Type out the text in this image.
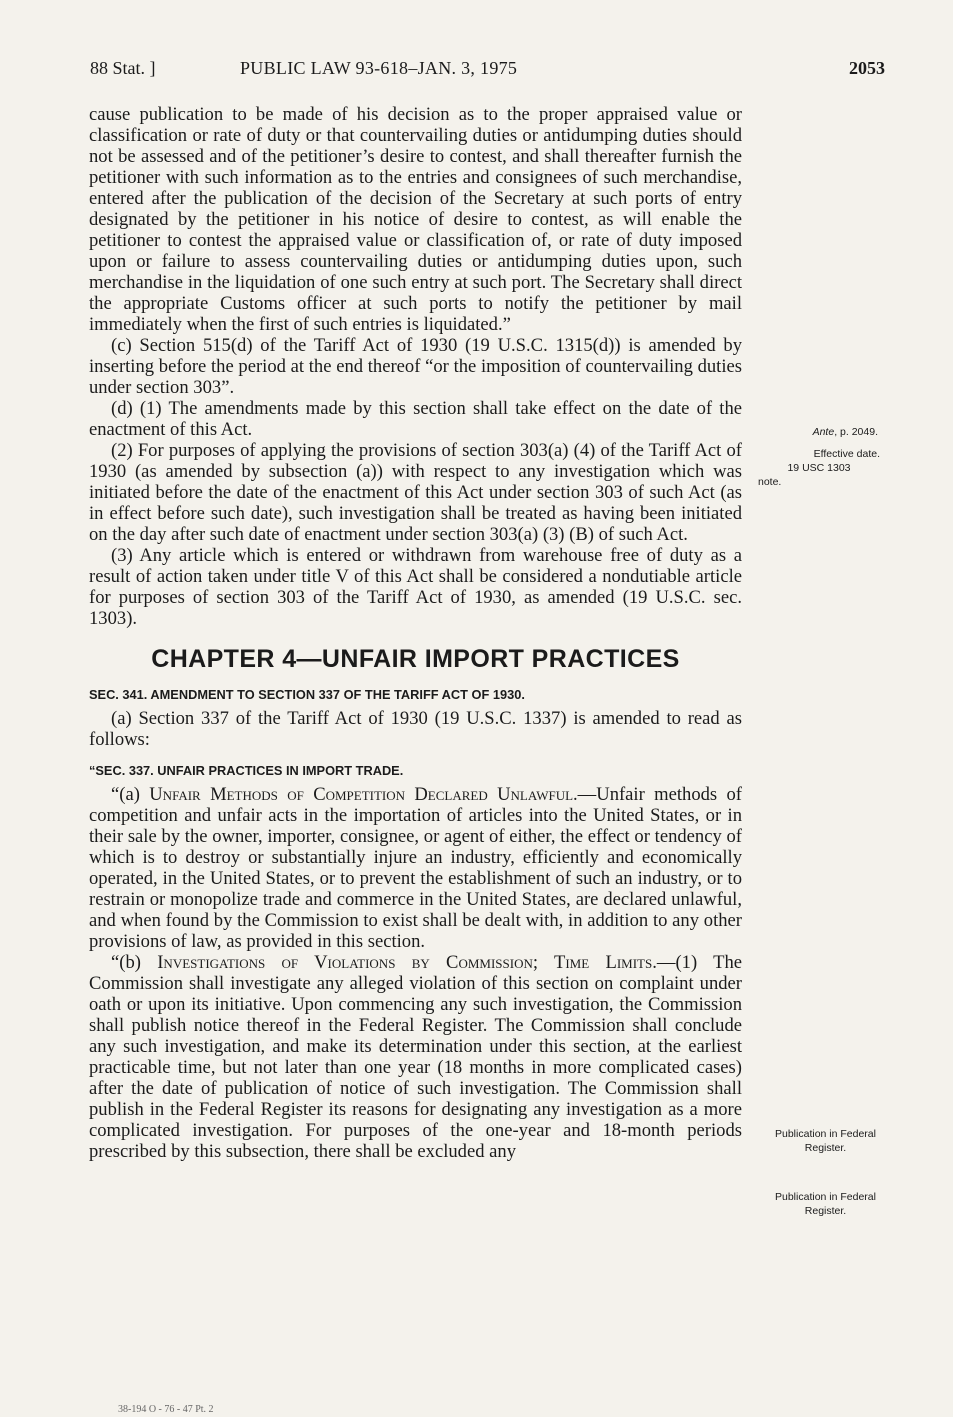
88 Stat. ]	PUBLIC LAW 93-618–JAN. 3, 1975	2053

cause publication to be made of his decision as to the proper appraised value or classification or rate of duty or that countervailing duties or antidumping duties should not be assessed and of the petitioner’s desire to contest, and shall thereafter furnish the petitioner with such information as to the entries and consignees of such merchandise, entered after the publication of the decision of the Secretary at such ports of entry designated by the petitioner in his notice of desire to contest, as will enable the petitioner to contest the appraised value or classification of, or rate of duty imposed upon or failure to assess countervailing duties or antidumping duties upon, such merchandise in the liquidation of one such entry at such port. The Secretary shall direct the appropriate Customs officer at such ports to notify the petitioner by mail immediately when the first of such entries is liquidated.”

(c) Section 515(d) of the Tariff Act of 1930 (19 U.S.C. 1315(d)) is amended by inserting before the period at the end thereof “or the imposition of countervailing duties under section 303”.

(d) (1) The amendments made by this section shall take effect on the date of the enactment of this Act.

(2) For purposes of applying the provisions of section 303(a) (4) of the Tariff Act of 1930 (as amended by subsection (a)) with respect to any investigation which was initiated before the date of the enactment of this Act under section 303 of such Act (as in effect before such date), such investigation shall be treated as having been initiated on the day after such date of enactment under section 303(a) (3) (B) of such Act.

(3) Any article which is entered or withdrawn from warehouse free of duty as a result of action taken under title V of this Act shall be considered a nondutiable article for purposes of section 303 of the Tariff Act of 1930, as amended (19 U.S.C. sec. 1303).

CHAPTER 4—UNFAIR IMPORT PRACTICES
SEC. 341. AMENDMENT TO SECTION 337 OF THE TARIFF ACT OF 1930.

(a) Section 337 of the Tariff Act of 1930 (19 U.S.C. 1337) is amended to read as follows:

“SEC. 337. UNFAIR PRACTICES IN IMPORT TRADE.

“(a) Unfair Methods of Competition Declared Unlawful.—Unfair methods of competition and unfair acts in the importation of articles into the United States, or in their sale by the owner, importer, consignee, or agent of either, the effect or tendency of which is to destroy or substantially injure an industry, efficiently and economically operated, in the United States, or to prevent the establishment of such an industry, or to restrain or monopolize trade and commerce in the United States, are declared unlawful, and when found by the Commission to exist shall be dealt with, in addition to any other provisions of law, as provided in this section.

“(b) Investigations of Violations by Commission; Time Limits.—(1) The Commission shall investigate any alleged violation of this section on complaint under oath or upon its initiative. Upon commencing any such investigation, the Commission shall publish notice thereof in the Federal Register. The Commission shall conclude any such investigation, and make its determination under this section, at the earliest practicable time, but not later than one year (18 months in more complicated cases) after the date of publication of notice of such investigation. The Commission shall publish in the Federal Register its reasons for designating any investigation as a more complicated investigation. For purposes of the one-year and 18-month periods prescribed by this subsection, there shall be excluded any

Ante, p. 2049.
Effective date.
19 USC 1303
note.
Publication in Federal Register.
Publication in Federal Register.
38-194 O - 76 - 47 Pt. 2
